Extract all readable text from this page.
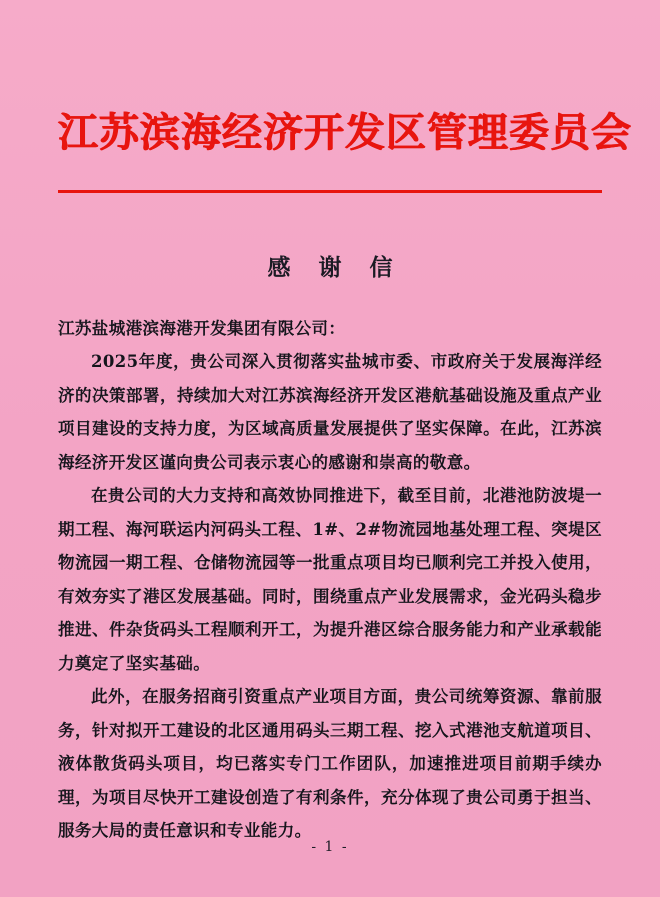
江苏滨海经济开发区管理委员会
感 谢 信

江苏盐城港滨海港开发集团有限公司：

2025年度，贵公司深入贯彻落实盐城市委、市政府关于发展海洋经济的决策部署，持续加大对江苏滨海经济开发区港航基础设施及重点产业项目建设的支持力度，为区域高质量发展提供了坚实保障。在此，江苏滨海经济开发区谨向贵公司表示衷心的感谢和崇高的敬意。

在贵公司的大力支持和高效协同推进下，截至目前，北港池防波堤一期工程、海河联运内河码头工程、1#、2#物流园地基处理工程、突堤区物流园一期工程、仓储物流园等一批重点项目均已顺利完工并投入使用，有效夯实了港区发展基础。同时，围绕重点产业发展需求，金光码头稳步推进、件杂货码头工程顺利开工，为提升港区综合服务能力和产业承载能力奠定了坚实基础。

此外，在服务招商引资重点产业项目方面，贵公司统筹资源、靠前服务，针对拟开工建设的北区通用码头三期工程、挖入式港池支航道项目、液体散货码头项目，均已落实专门工作团队，加速推进项目前期手续办理，为项目尽快开工建设创造了有利条件，充分体现了贵公司勇于担当、服务大局的责任意识和专业能力。

- 1 -
